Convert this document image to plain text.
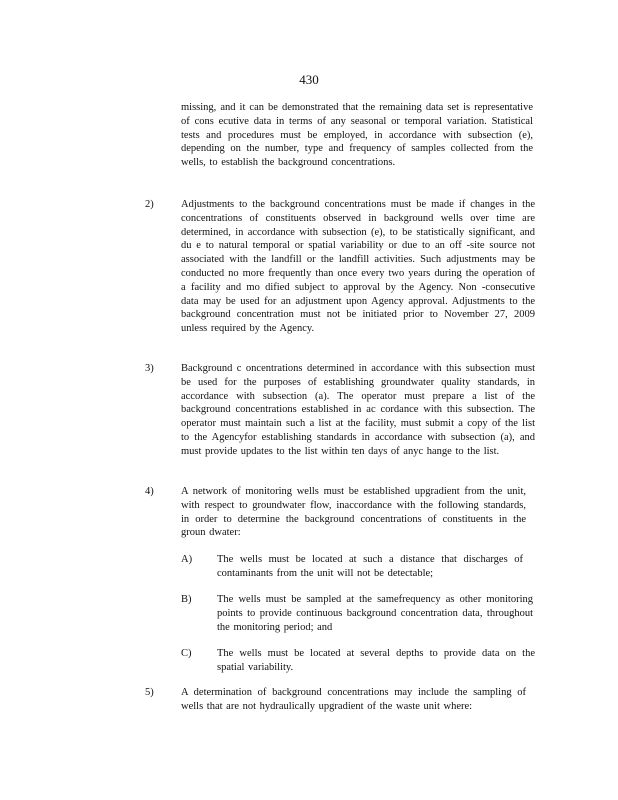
430
missing, and it can be demonstrated that the remaining data set is representative of cons ecutive data in terms of any seasonal or temporal variation. Statistical tests and procedures must be employed, in accordance with subsection (e), depending on the number, type and frequency of samples collected from the wells, to establish the background concentrations.
2)	Adjustments to the background concentrations must be made if changes in the concentrations of constituents observed in background wells over time are determined, in accordance with subsection (e), to be statistically significant, and du e to natural temporal or spatial variability or due to an off -site source not associated with the landfill or the landfill activities. Such adjustments may be conducted no more frequently than once every two years during the operation of a facility and mo dified subject to approval by the Agency. Non -consecutive data may be used for an adjustment upon Agency approval. Adjustments to the background concentration must not be initiated prior to November 27, 2009 unless required by the Agency.
3)	Background c oncentrations determined in accordance with this subsection must be used for the purposes of establishing groundwater quality standards, in accordance with subsection (a). The operator must prepare a list of the background concentrations established in ac cordance with this subsection. The operator must maintain such a list at the facility, must submit a copy of the list to the Agencyfor establishing standards in accordance with subsection (a), and must provide updates to the list within ten days of anyc hange to the list.
4)	A network of monitoring wells must be established upgradient from the unit, with respect to groundwater flow, inaccordance with the following standards, in order to determine the background concentrations of constituents in the groun dwater:
A) The wells must be located at such a distance that discharges of contaminants from the unit will not be detectable;
B) The wells must be sampled at the samefrequency as other monitoring points to provide continuous background concentration data, throughout the monitoring period; and
C) The wells must be located at several depths to provide data on the spatial variability.
5)	A determination of background concentrations may include the sampling of wells that are not hydraulically upgradient of the waste unit where:
